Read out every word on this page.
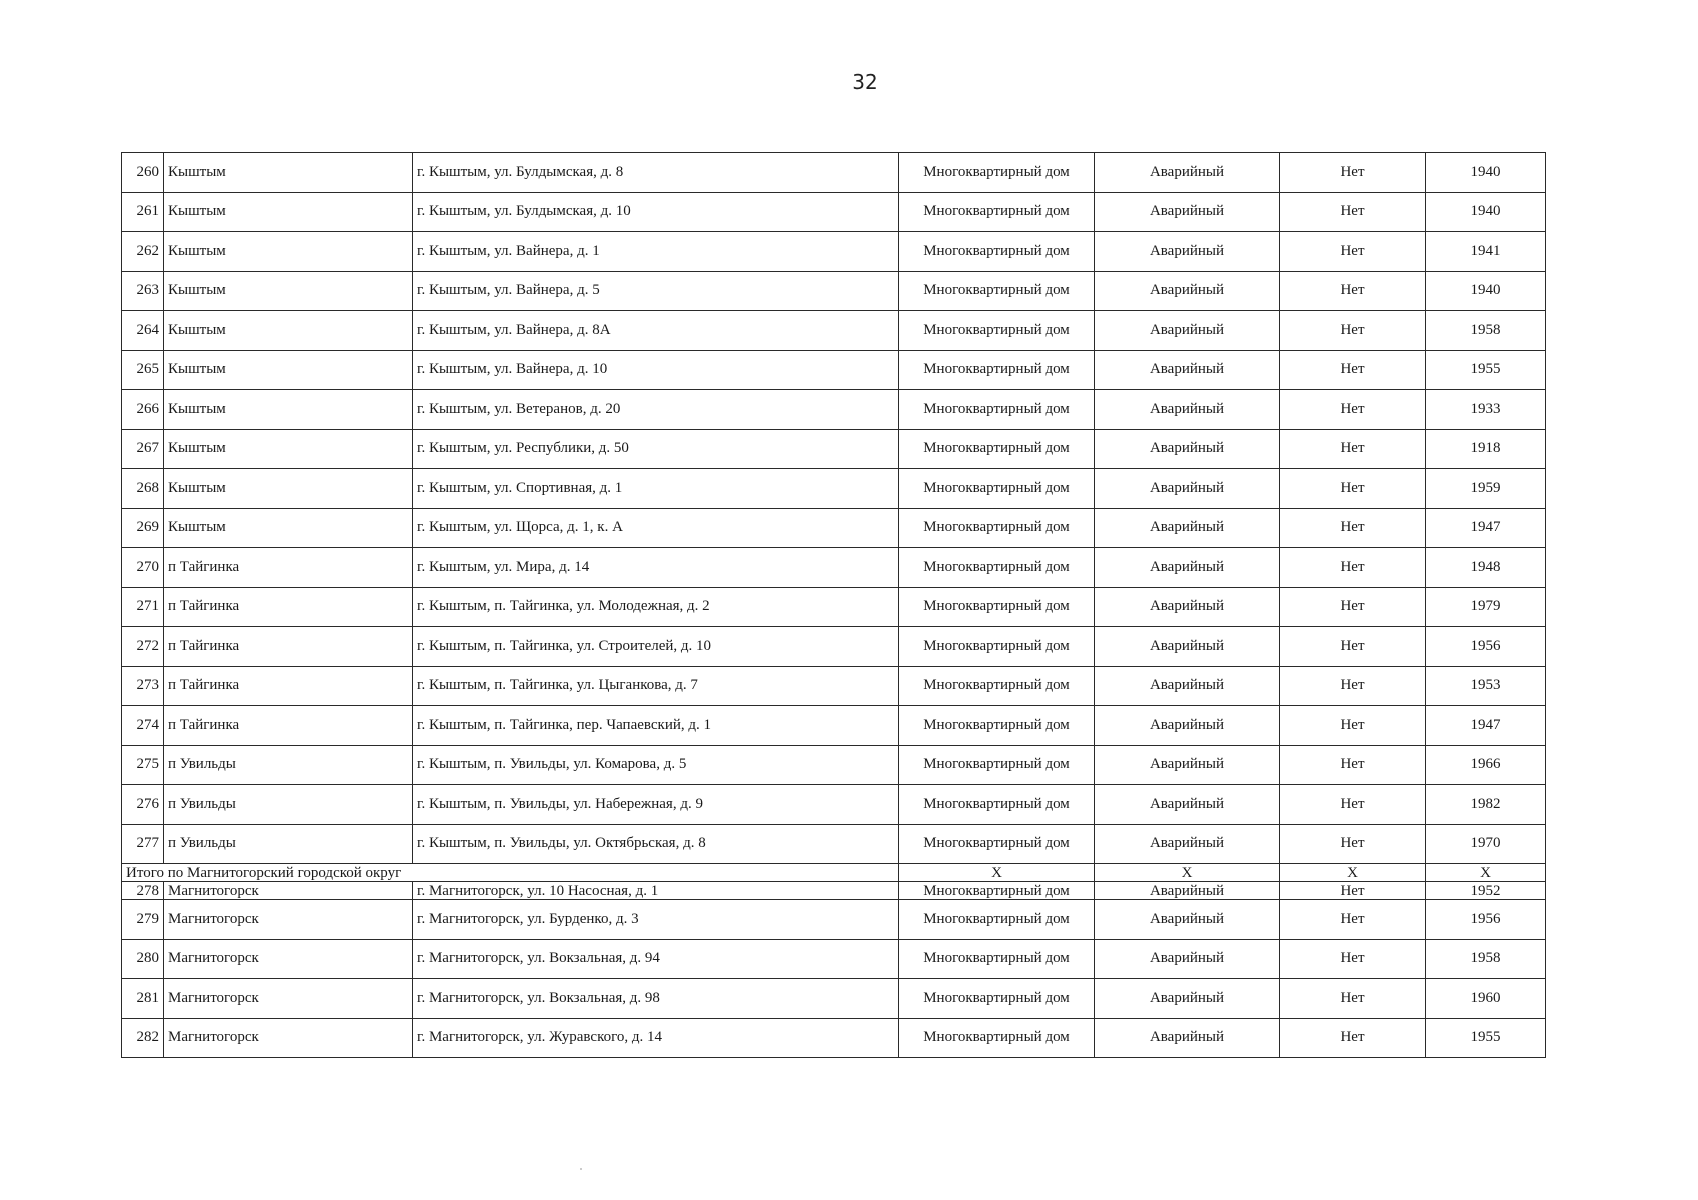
32
260	Кыштым	г. Кыштым, ул. Булдымская, д. 8	Многоквартирный дом	Аварийный	Нет	1940
261	Кыштым	г. Кыштым, ул. Булдымская, д. 10	Многоквартирный дом	Аварийный	Нет	1940
262	Кыштым	г. Кыштым, ул. Вайнера, д. 1	Многоквартирный дом	Аварийный	Нет	1941
263	Кыштым	г. Кыштым, ул. Вайнера, д. 5	Многоквартирный дом	Аварийный	Нет	1940
264	Кыштым	г. Кыштым, ул. Вайнера, д. 8А	Многоквартирный дом	Аварийный	Нет	1958
265	Кыштым	г. Кыштым, ул. Вайнера, д. 10	Многоквартирный дом	Аварийный	Нет	1955
266	Кыштым	г. Кыштым, ул. Ветеранов, д. 20	Многоквартирный дом	Аварийный	Нет	1933
267	Кыштым	г. Кыштым, ул. Республики, д. 50	Многоквартирный дом	Аварийный	Нет	1918
268	Кыштым	г. Кыштым, ул. Спортивная, д. 1	Многоквартирный дом	Аварийный	Нет	1959
269	Кыштым	г. Кыштым, ул. Щорса, д. 1, к. А	Многоквартирный дом	Аварийный	Нет	1947
270	п Тайгинка	г. Кыштым, ул. Мира, д. 14	Многоквартирный дом	Аварийный	Нет	1948
271	п Тайгинка	г. Кыштым, п. Тайгинка, ул. Молодежная, д. 2	Многоквартирный дом	Аварийный	Нет	1979
272	п Тайгинка	г. Кыштым, п. Тайгинка, ул. Строителей, д. 10	Многоквартирный дом	Аварийный	Нет	1956
273	п Тайгинка	г. Кыштым, п. Тайгинка, ул. Цыганкова, д. 7	Многоквартирный дом	Аварийный	Нет	1953
274	п Тайгинка	г. Кыштым, п. Тайгинка, пер. Чапаевский, д. 1	Многоквартирный дом	Аварийный	Нет	1947
275	п Увильды	г. Кыштым, п. Увильды, ул. Комарова, д. 5	Многоквартирный дом	Аварийный	Нет	1966
276	п Увильды	г. Кыштым, п. Увильды, ул. Набережная, д. 9	Многоквартирный дом	Аварийный	Нет	1982
277	п Увильды	г. Кыштым, п. Увильды, ул. Октябрьская, д. 8	Многоквартирный дом	Аварийный	Нет	1970
Итого по Магнитогорский городской округ			X	X	X	X
278	Магнитогорск	г. Магнитогорск, ул. 10 Насосная, д. 1	Многоквартирный дом	Аварийный	Нет	1952
279	Магнитогорск	г. Магнитогорск, ул. Бурденко, д. 3	Многоквартирный дом	Аварийный	Нет	1956
280	Магнитогорск	г. Магнитогорск, ул. Вокзальная, д. 94	Многоквартирный дом	Аварийный	Нет	1958
281	Магнитогорск	г. Магнитогорск, ул. Вокзальная, д. 98	Многоквартирный дом	Аварийный	Нет	1960
282	Магнитогорск	г. Магнитогорск, ул. Журавского, д. 14	Многоквартирный дом	Аварийный	Нет	1955
